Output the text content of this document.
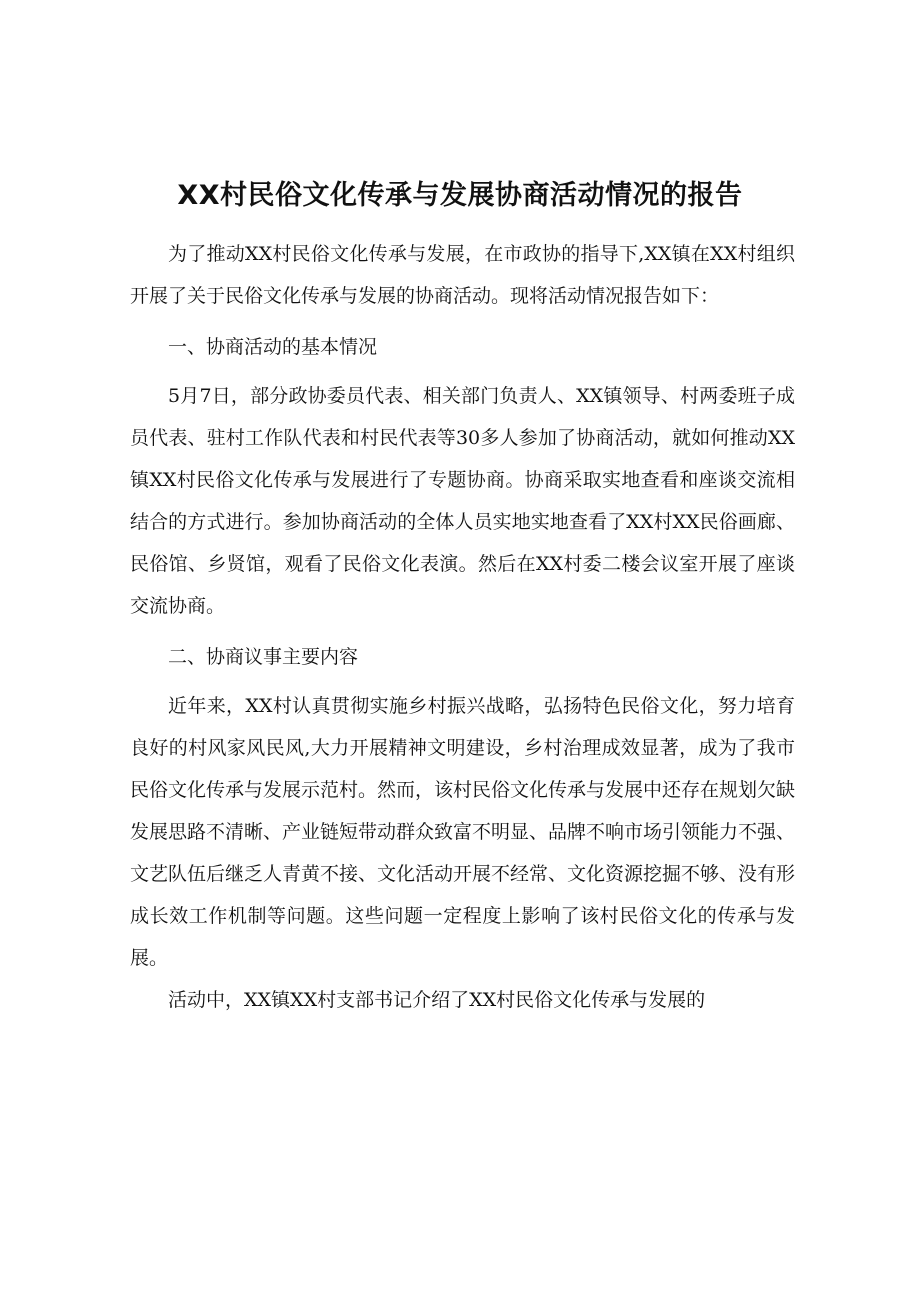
XX村民俗文化传承与发展协商活动情况的报告

为了推动XX村民俗文化传承与发展，在市政协的指导下,XX镇在XX村组织开展了关于民俗文化传承与发展的协商活动。现将活动情况报告如下：

一、协商活动的基本情况

5月7日，部分政协委员代表、相关部门负责人、XX镇领导、村两委班子成员代表、驻村工作队代表和村民代表等30多人参加了协商活动，就如何推动XX镇XX村民俗文化传承与发展进行了专题协商。协商采取实地查看和座谈交流相结合的方式进行。参加协商活动的全体人员实地实地查看了XX村XX民俗画廊、民俗馆、乡贤馆，观看了民俗文化表演。然后在XX村委二楼会议室开展了座谈交流协商。

二、协商议事主要内容

近年来，XX村认真贯彻实施乡村振兴战略，弘扬特色民俗文化，努力培育良好的村风家风民风,大力开展精神文明建设，乡村治理成效显著，成为了我市民俗文化传承与发展示范村。然而，该村民俗文化传承与发展中还存在规划欠缺发展思路不清晰、产业链短带动群众致富不明显、品牌不响市场引领能力不强、文艺队伍后继乏人青黄不接、文化活动开展不经常、文化资源挖掘不够、没有形成长效工作机制等问题。这些问题一定程度上影响了该村民俗文化的传承与发展。

活动中，XX镇XX村支部书记介绍了XX村民俗文化传承与发展的
